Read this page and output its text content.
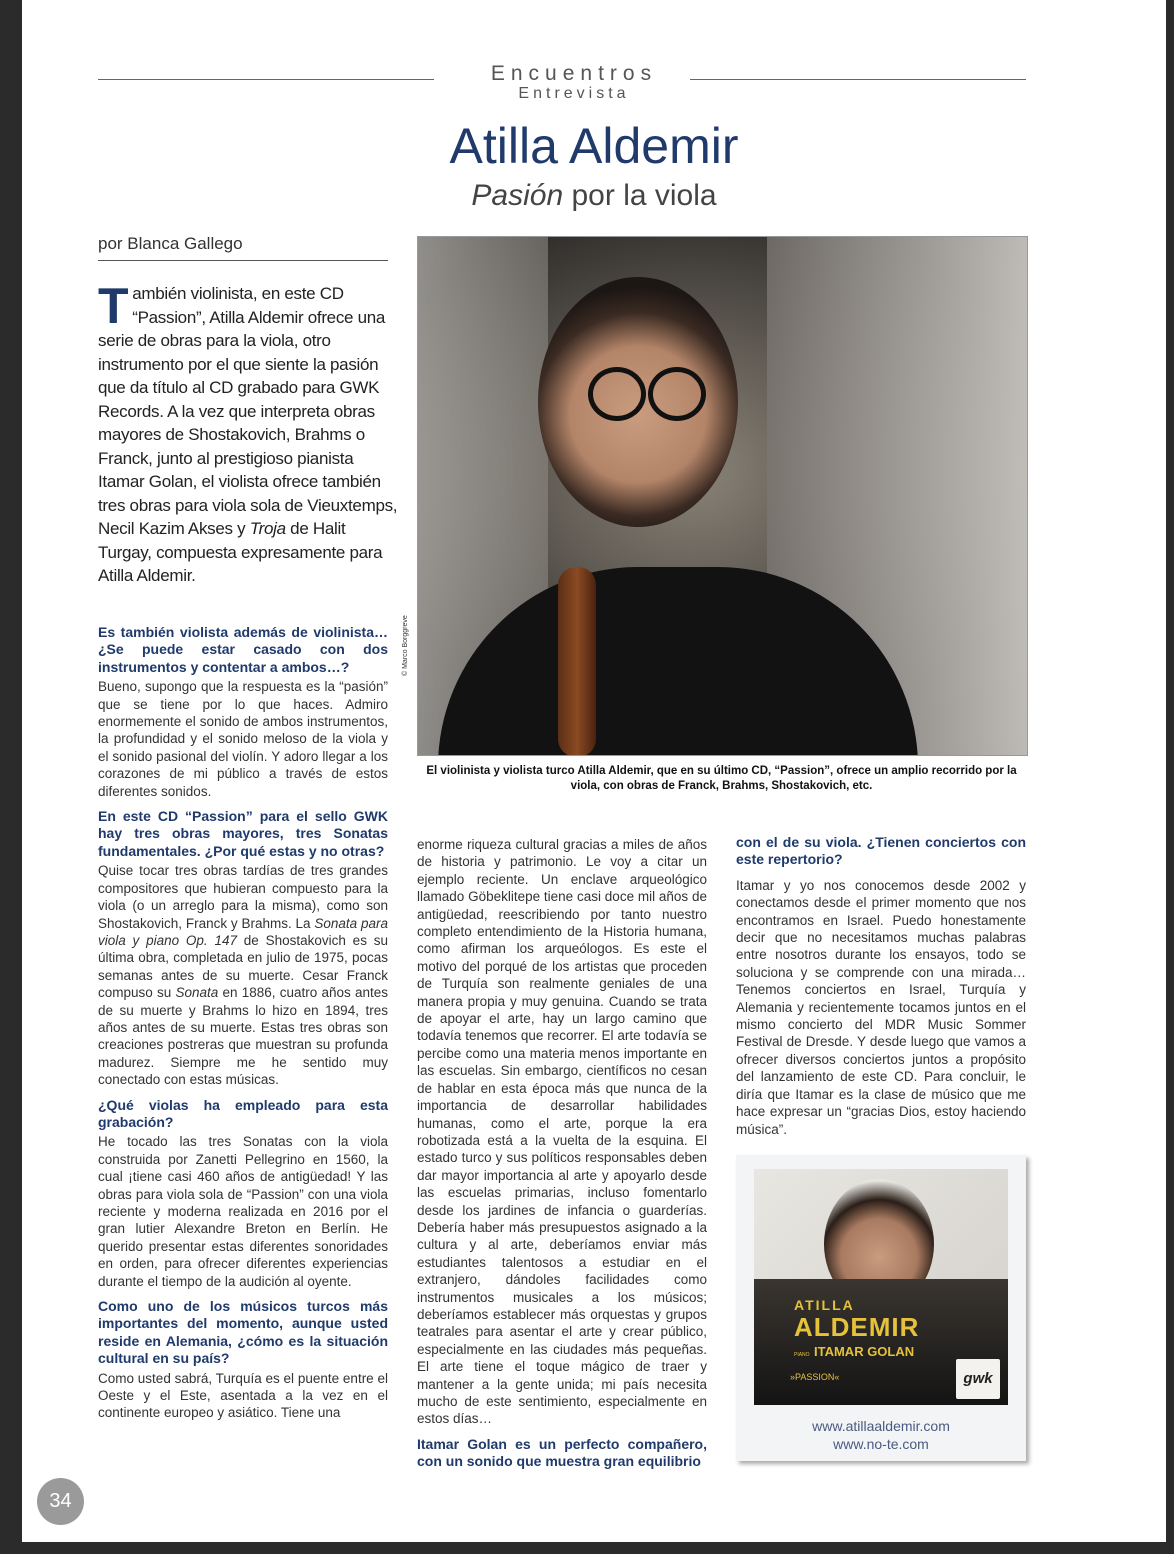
Encuentros
Entrevista
Atilla Aldemir
Pasión por la viola
por Blanca Gallego
También violinista, en este CD “Passion”, Atilla Aldemir ofrece una serie de obras para la viola, otro instrumento por el que siente la pasión que da título al CD grabado para GWK Records. A la vez que interpreta obras mayores de Shostakovich, Brahms o Franck, junto al prestigioso pianista Itamar Golan, el violista ofrece también tres obras para viola sola de Vieuxtemps, Necil Kazim Akses y Troja de Halit Turgay, compuesta expresamente para Atilla Aldemir.
© Marco Borggreve
El violinista y violista turco Atilla Aldemir, que en su último CD, “Passion”, ofrece un amplio recorrido por la viola, con obras de Franck, Brahms, Shostakovich, etc.

Es también violista además de violinista… ¿Se puede estar casado con dos instrumentos y contentar a ambos…?

Bueno, supongo que la respuesta es la “pasión” que se tiene por lo que haces. Admiro enormemente el sonido de ambos instrumentos, la profundidad y el sonido meloso de la viola y el sonido pasional del violín. Y adoro llegar a los corazones de mi público a través de estos diferentes sonidos.

En este CD “Passion” para el sello GWK hay tres obras mayores, tres Sonatas fundamentales. ¿Por qué estas y no otras?

Quise tocar tres obras tardías de tres grandes compositores que hubieran compuesto para la viola (o un arreglo para la misma), como son Shostakovich, Franck y Brahms. La Sonata para viola y piano Op. 147 de Shostakovich es su última obra, completada en julio de 1975, pocas semanas antes de su muerte. Cesar Franck compuso su Sonata en 1886, cuatro años antes de su muerte y Brahms lo hizo en 1894, tres años antes de su muerte. Estas tres obras son creaciones postreras que muestran su profunda madurez. Siempre me he sentido muy conectado con estas músicas.

¿Qué violas ha empleado para esta grabación?

He tocado las tres Sonatas con la viola construida por Zanetti Pellegrino en 1560, la cual ¡tiene casi 460 años de antigüedad! Y las obras para viola sola de “Passion” con una viola reciente y moderna realizada en 2016 por el gran lutier Alexandre Breton en Berlín. He querido presentar estas diferentes sonoridades en orden, para ofrecer diferentes experiencias durante el tiempo de la audición al oyente.

Como uno de los músicos turcos más importantes del momento, aunque usted reside en Alemania, ¿cómo es la situación cultural en su país?

Como usted sabrá, Turquía es el puente entre el Oeste y el Este, asentada a la vez en el continente europeo y asiático. Tiene una

enorme riqueza cultural gracias a miles de años de historia y patrimonio. Le voy a citar un ejemplo reciente. Un enclave arqueológico llamado Göbeklitepe tiene casi doce mil años de antigüedad, reescribiendo por tanto nuestro completo entendimiento de la Historia humana, como afirman los arqueólogos. Es este el motivo del porqué de los artistas que proceden de Turquía son realmente geniales de una manera propia y muy genuina. Cuando se trata de apoyar el arte, hay un largo camino que todavía tenemos que recorrer. El arte todavía se percibe como una materia menos importante en las escuelas. Sin embargo, científicos no cesan de hablar en esta época más que nunca de la importancia de desarrollar habilidades humanas, como el arte, porque la era robotizada está a la vuelta de la esquina. El estado turco y sus políticos responsables deben dar mayor importancia al arte y apoyarlo desde las escuelas primarias, incluso fomentarlo desde los jardines de infancia o guarderías. Debería haber más presupuestos asignado a la cultura y al arte, deberíamos enviar más estudiantes talentosos a estudiar en el extranjero, dándoles facilidades como instrumentos musicales a los músicos; deberíamos establecer más orquestas y grupos teatrales para asentar el arte y crear público, especialmente en las ciudades más pequeñas. El arte tiene el toque mágico de traer y mantener a la gente unida; mi país necesita mucho de este sentimiento, especialmente en estos días…

Itamar Golan es un perfecto compañero, con un sonido que muestra gran equilibrio

con el de su viola. ¿Tienen conciertos con este repertorio?

Itamar y yo nos conocemos desde 2002 y conectamos desde el primer momento que nos encontramos en Israel. Puedo honestamente decir que no necesitamos muchas palabras entre nosotros durante los ensayos, todo se soluciona y se comprende con una mirada… Tenemos conciertos en Israel, Turquía y Alemania y recientemente tocamos juntos en el mismo concierto del MDR Music Sommer Festival de Dresde. Y desde luego que vamos a ofrecer diversos conciertos juntos a propósito del lanzamiento de este CD. Para concluir, le diría que Itamar es la clase de músico que me hace expresar un “gracias Dios, estoy haciendo música”.

ATILLA
ALDEMIR
PIANO ITAMAR GOLAN
»PASSION«	gwk
www.atillaaldemir.com
www.no-te.com
34
